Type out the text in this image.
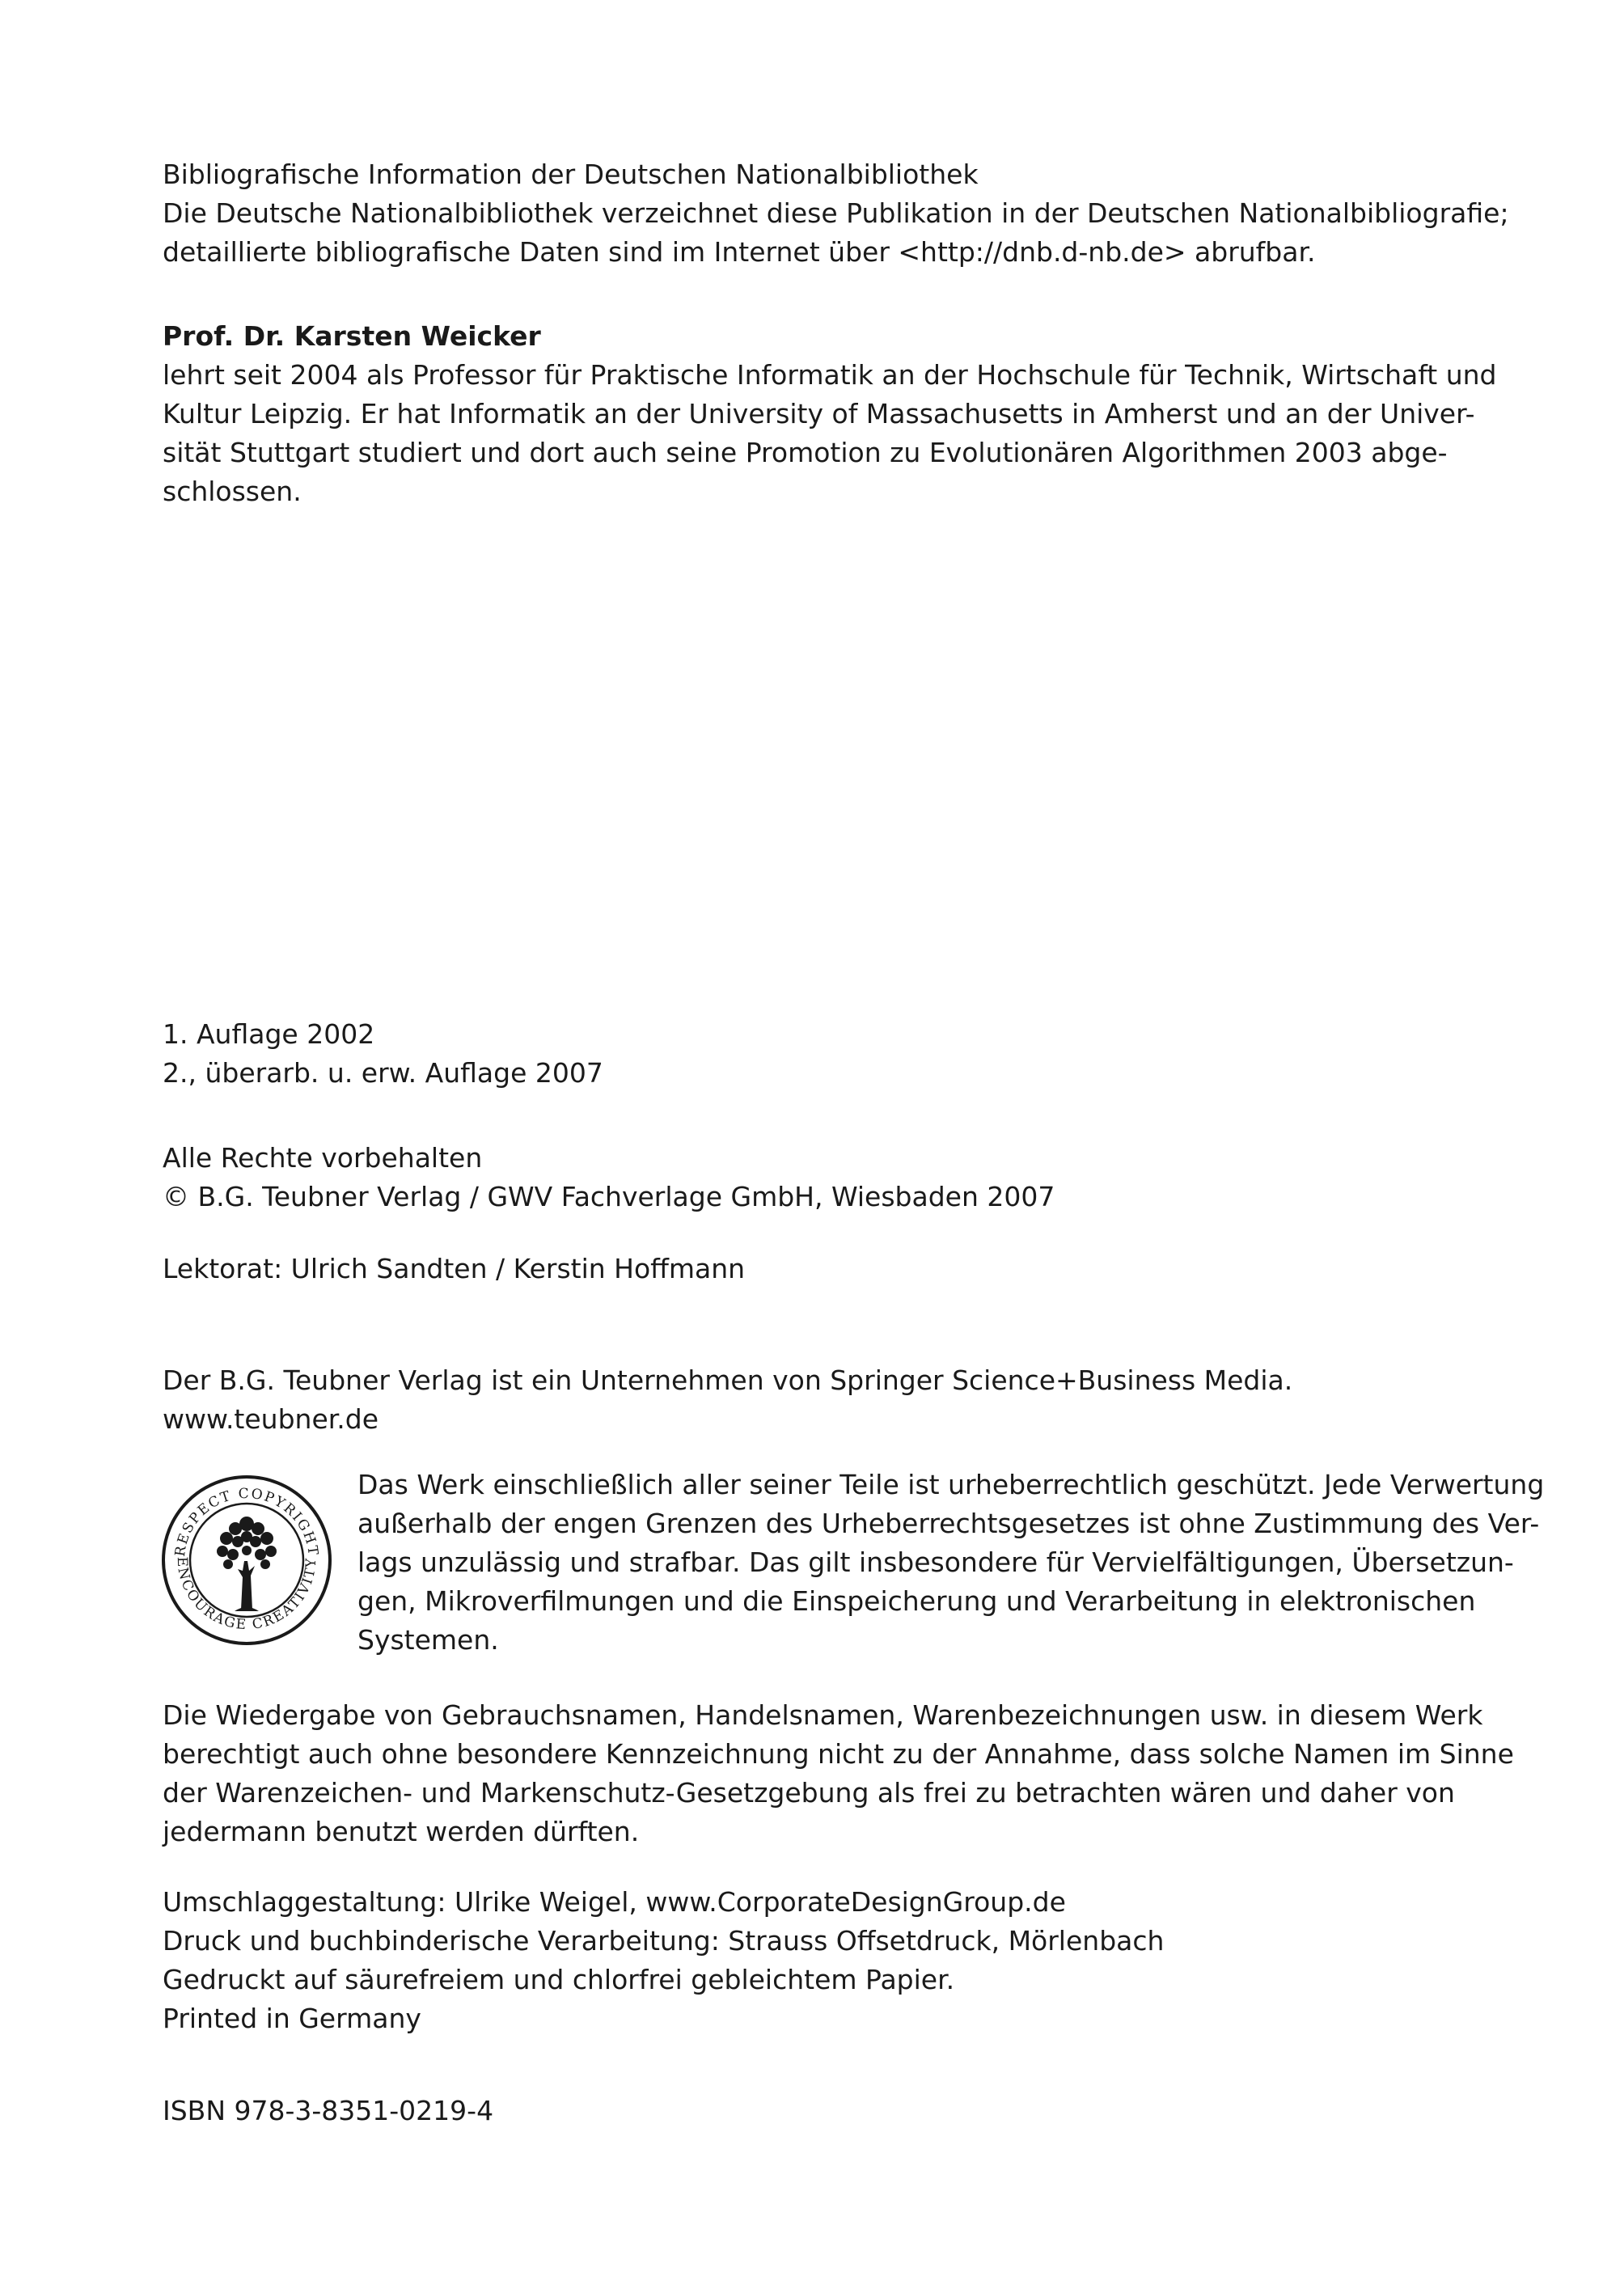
Bibliografische Information der Deutschen Nationalbibliothek
Die Deutsche Nationalbibliothek verzeichnet diese Publikation in der Deutschen Nationalbibliografie;
detaillierte bibliografische Daten sind im Internet über <http://dnb.d-nb.de> abrufbar.
Prof. Dr. Karsten Weicker
lehrt seit 2004 als Professor für Praktische Informatik an der Hochschule für Technik, Wirtschaft und
Kultur Leipzig. Er hat Informatik an der University of Massachusetts in Amherst und an der Univer-
sität Stuttgart studiert und dort auch seine Promotion zu Evolutionären Algorithmen 2003 abge-
schlossen.
1. Auflage 2002
2., überarb. u. erw. Auflage 2007
Alle Rechte vorbehalten
© B.G. Teubner Verlag / GWV Fachverlage GmbH, Wiesbaden 2007
Lektorat: Ulrich Sandten / Kerstin Hoffmann
Der B.G. Teubner Verlag ist ein Unternehmen von Springer Science+Business Media.
www.teubner.de
RESPECT COPYRIGHT
ENCOURAGE CREATIVITY
Das Werk einschließlich aller seiner Teile ist urheberrechtlich geschützt. Jede Verwertung
außerhalb der engen Grenzen des Urheberrechtsgesetzes ist ohne Zustimmung des Ver-
lags unzulässig und strafbar. Das gilt insbesondere für Vervielfältigungen, Übersetzun-
gen, Mikroverfilmungen und die Einspeicherung und Verarbeitung in elektronischen
Systemen.
Die Wiedergabe von Gebrauchsnamen, Handelsnamen, Warenbezeichnungen usw. in diesem Werk
berechtigt auch ohne besondere Kennzeichnung nicht zu der Annahme, dass solche Namen im Sinne
der Warenzeichen- und Markenschutz-Gesetzgebung als frei zu betrachten wären und daher von
jedermann benutzt werden dürften.
Umschlaggestaltung: Ulrike Weigel, www.CorporateDesignGroup.de
Druck und buchbinderische Verarbeitung: Strauss Offsetdruck, Mörlenbach
Gedruckt auf säurefreiem und chlorfrei gebleichtem Papier.
Printed in Germany
ISBN 978-3-8351-0219-4
